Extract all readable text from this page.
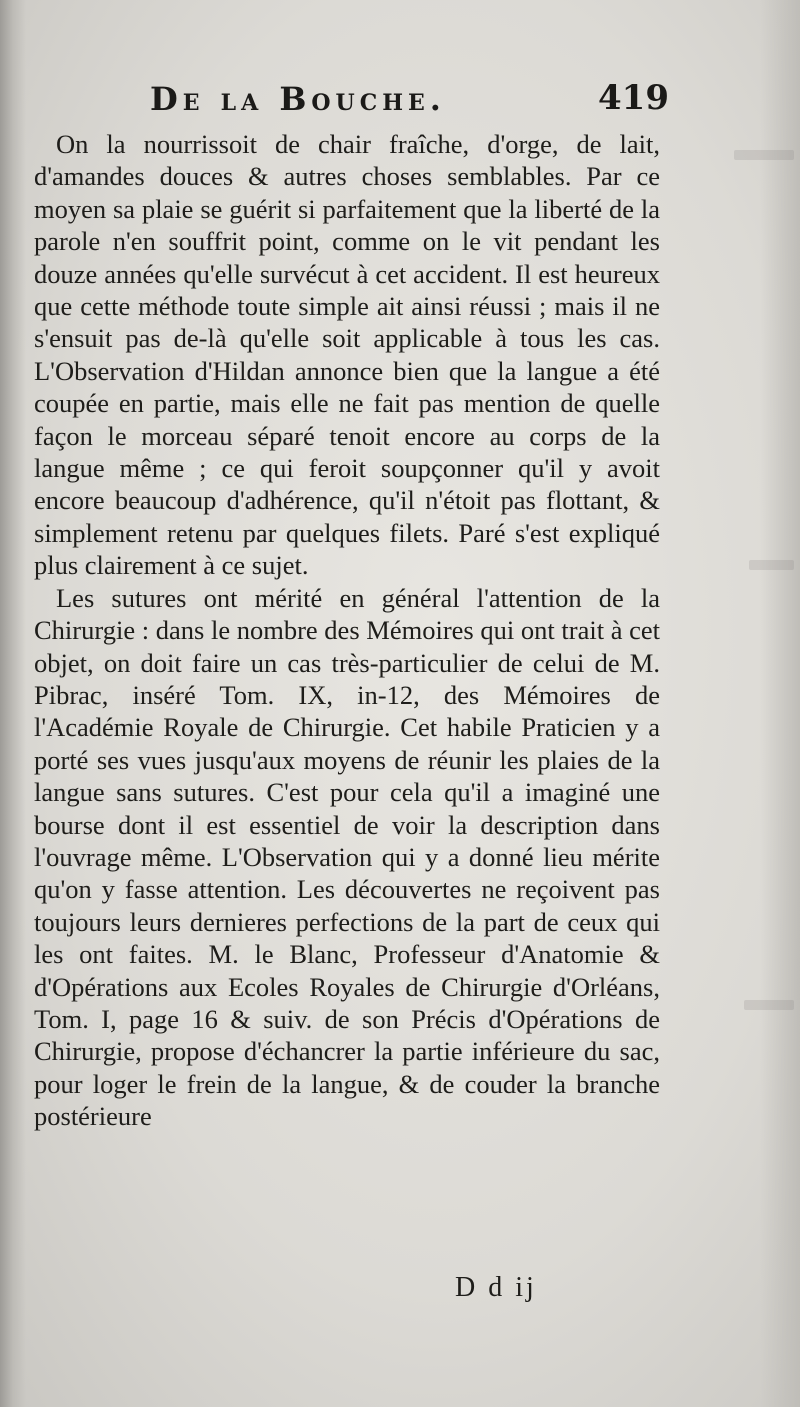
De la Bouche.	419

On la nourrissoit de chair fraîche, d'orge, de lait, d'amandes douces & autres choses semblables. Par ce moyen sa plaie se guérit si parfaitement que la liberté de la parole n'en souffrit point, comme on le vit pendant les douze années qu'elle survécut à cet accident. Il est heureux que cette méthode toute simple ait ainsi réussi ; mais il ne s'ensuit pas de-là qu'elle soit applicable à tous les cas. L'Observation d'Hildan annonce bien que la langue a été coupée en partie, mais elle ne fait pas mention de quelle façon le morceau séparé tenoit encore au corps de la langue même ; ce qui feroit soupçonner qu'il y avoit encore beaucoup d'adhérence, qu'il n'étoit pas flottant, & simplement retenu par quelques filets. Paré s'est expliqué plus clairement à ce sujet.

Les sutures ont mérité en général l'attention de la Chirurgie : dans le nombre des Mémoires qui ont trait à cet objet, on doit faire un cas très-particulier de celui de M. Pibrac, inséré Tom. IX, in-12, des Mémoires de l'Académie Royale de Chirurgie. Cet habile Praticien y a porté ses vues jusqu'aux moyens de réunir les plaies de la langue sans sutures. C'est pour cela qu'il a imaginé une bourse dont il est essentiel de voir la description dans l'ouvrage même. L'Observation qui y a donné lieu mérite qu'on y fasse attention. Les découvertes ne reçoivent pas toujours leurs dernieres perfections de la part de ceux qui les ont faites. M. le Blanc, Professeur d'Anatomie & d'Opérations aux Ecoles Royales de Chirurgie d'Orléans, Tom. I, page 16 & suiv. de son Précis d'Opérations de Chirurgie, propose d'échancrer la partie inférieure du sac, pour loger le frein de la langue, & de couder la branche postérieure

D d ij
